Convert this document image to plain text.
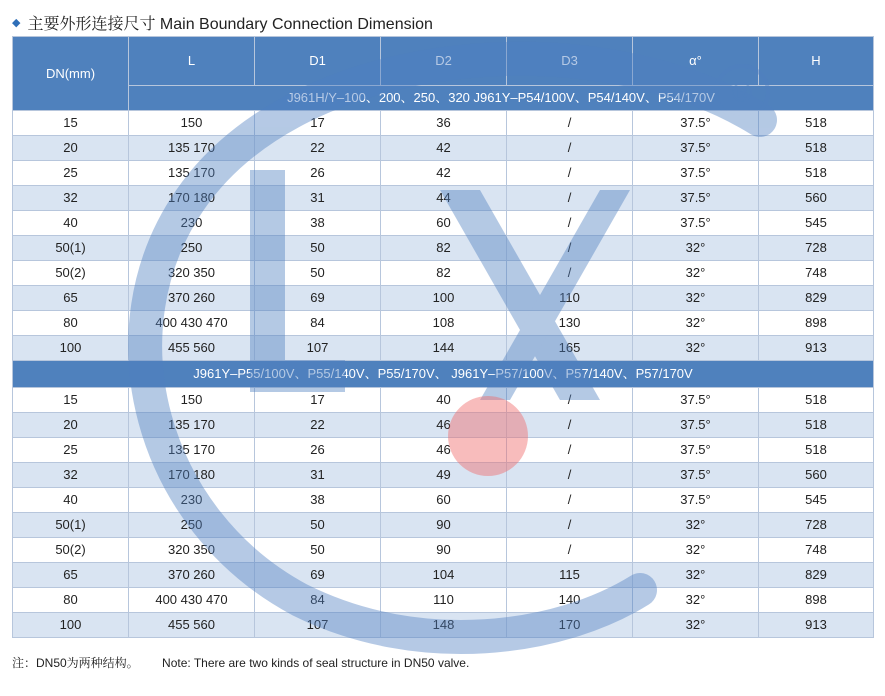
◆ 主要外形连接尺寸 Main Boundary Connection Dimension
DN(mm)	L	D1	D2	D3	α°	H
	J961H/Y–100、200、250、320 J961Y–P54/100V、P54/140V、P54/170V					
15	150	17	36	/	37.5°	518
20	135 170	22	42	/	37.5°	518
25	135 170	26	42	/	37.5°	518
32	170 180	31	44	/	37.5°	560
40	230	38	60	/	37.5°	545
50(1)	250	50	82	/	32°	728
50(2)	320 350	50	82	/	32°	748
65	370 260	69	100	110	32°	829
80	400 430 470	84	108	130	32°	898
100	455 560	107	144	165	32°	913
J961Y–P55/100V、P55/140V、P55/170V、 J961Y–P57/100V、P57/140V、P57/170V						
15	150	17	40	/	37.5°	518
20	135 170	22	46	/	37.5°	518
25	135 170	26	46	/	37.5°	518
32	170 180	31	49	/	37.5°	560
40	230	38	60	/	37.5°	545
50(1)	250	50	90	/	32°	728
50(2)	320 350	50	90	/	32°	748
65	370 260	69	104	115	32°	829
80	400 430 470	84	110	140	32°	898
100	455 560	107	148	170	32°	913
®
注：DN50为两种结构。 Note: There are two kinds of seal structure in DN50 valve.
